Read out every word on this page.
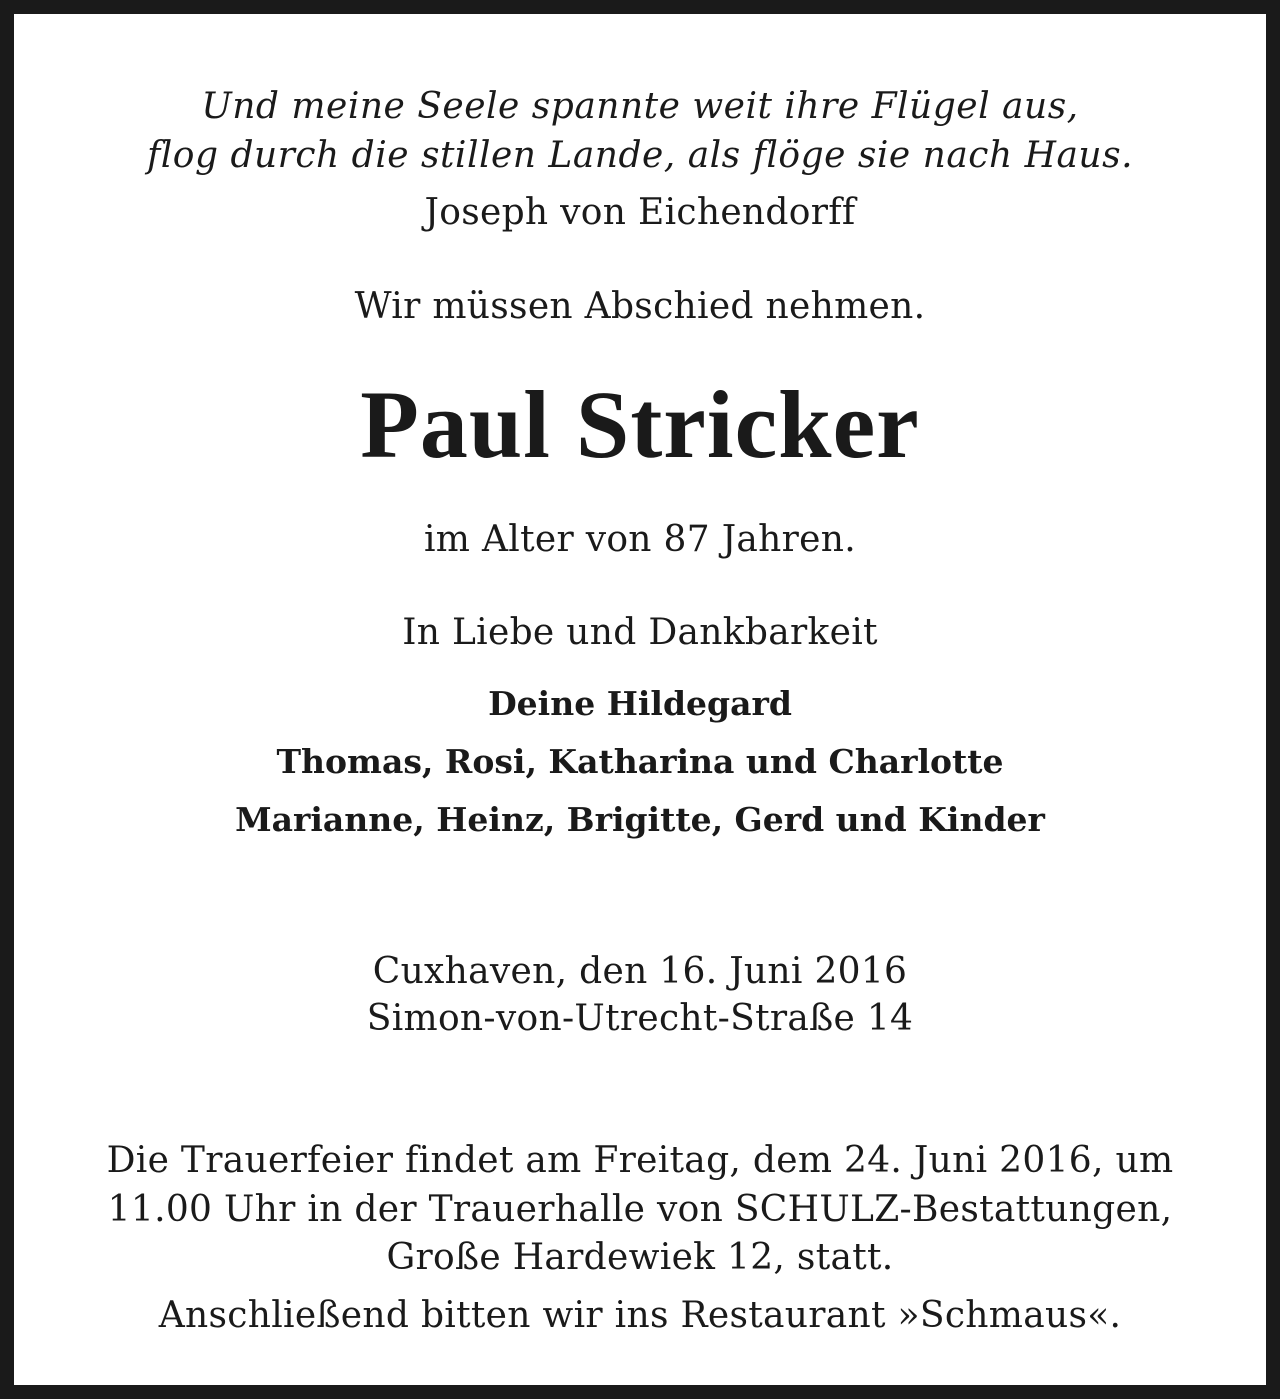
Und meine Seele spannte weit ihre Flügel aus,

flog durch die stillen Lande, als flöge sie nach Haus.

Joseph von Eichendorff

Wir müssen Abschied nehmen.

Paul Stricker

im Alter von 87 Jahren.

In Liebe und Dankbarkeit

Deine Hildegard

Thomas, Rosi, Katharina und Charlotte

Marianne, Heinz, Brigitte, Gerd und Kinder

Cuxhaven, den 16. Juni 2016

Simon-von-Utrecht-Straße 14

Die Trauerfeier findet am Freitag, dem 24. Juni 2016, um

11.00 Uhr in der Trauerhalle von SCHULZ-Bestattungen,

Große Hardewiek 12, statt.

Anschließend bitten wir ins Restaurant »Schmaus«.
